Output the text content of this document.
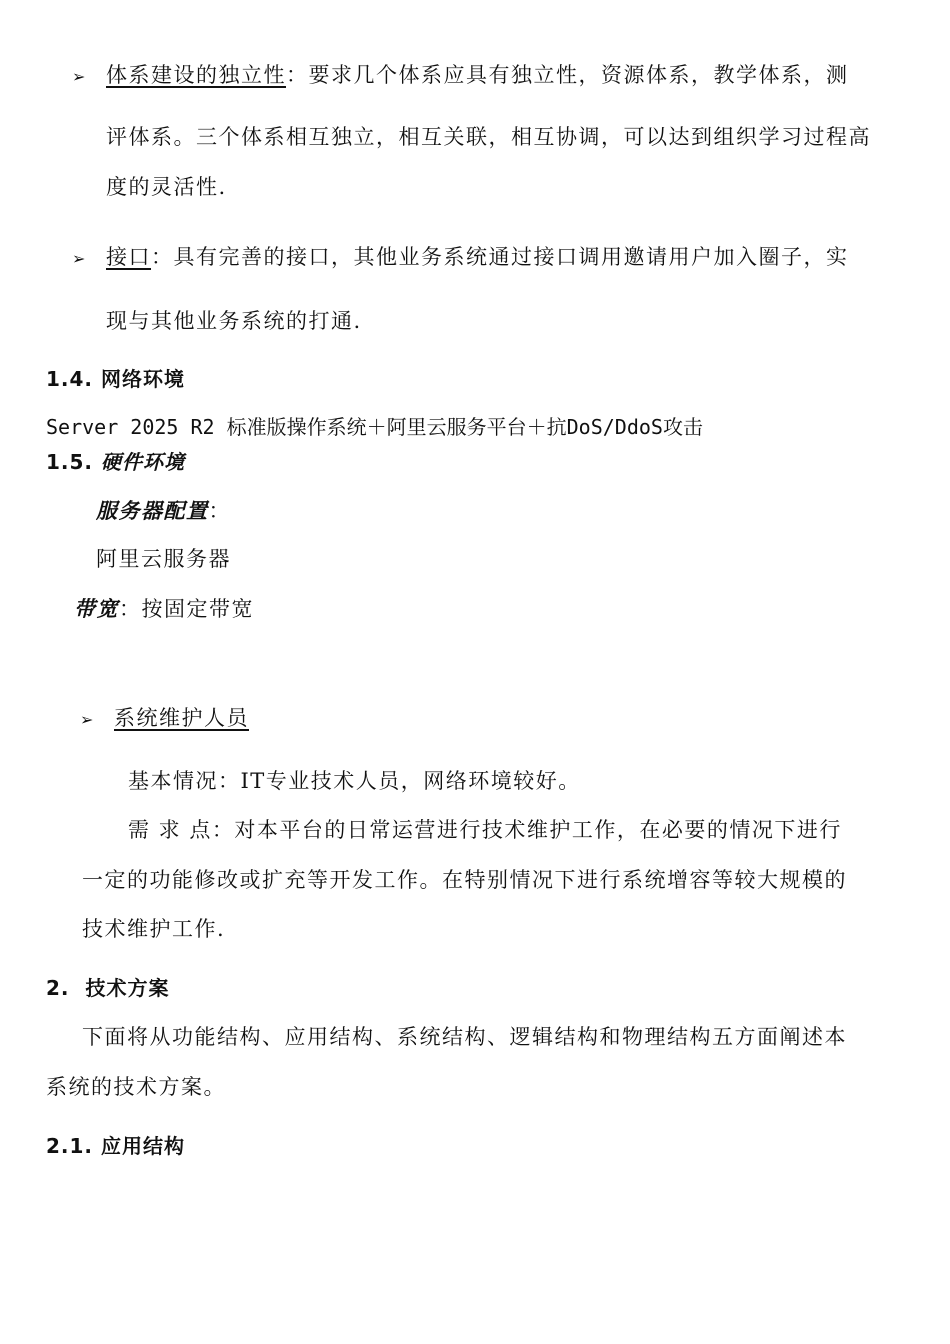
➢ 体系建设的独立性：要求几个体系应具有独立性，资源体系，教学体系，测
评体系。三个体系相互独立，相互关联，相互协调，可以达到组织学习过程高
度的灵活性.
➢ 接口：具有完善的接口，其他业务系统通过接口调用邀请用户加入圈子，实
现与其他业务系统的打通.
1.4. 网络环境
Server 2025 R2 标准版操作系统＋阿里云服务平台＋抗DoS/DdoS攻击
1.5. 硬件环境
服务器配置：
阿里云服务器
带宽：按固定带宽
➢ 系统维护人员
基本情况：IT专业技术人员，网络环境较好。
需 求 点：对本平台的日常运营进行技术维护工作，在必要的情况下进行
一定的功能修改或扩充等开发工作。在特别情况下进行系统增容等较大规模的
技术维护工作.
2. 技术方案
下面将从功能结构、应用结构、系统结构、逻辑结构和物理结构五方面阐述本
系统的技术方案。
2.1. 应用结构
